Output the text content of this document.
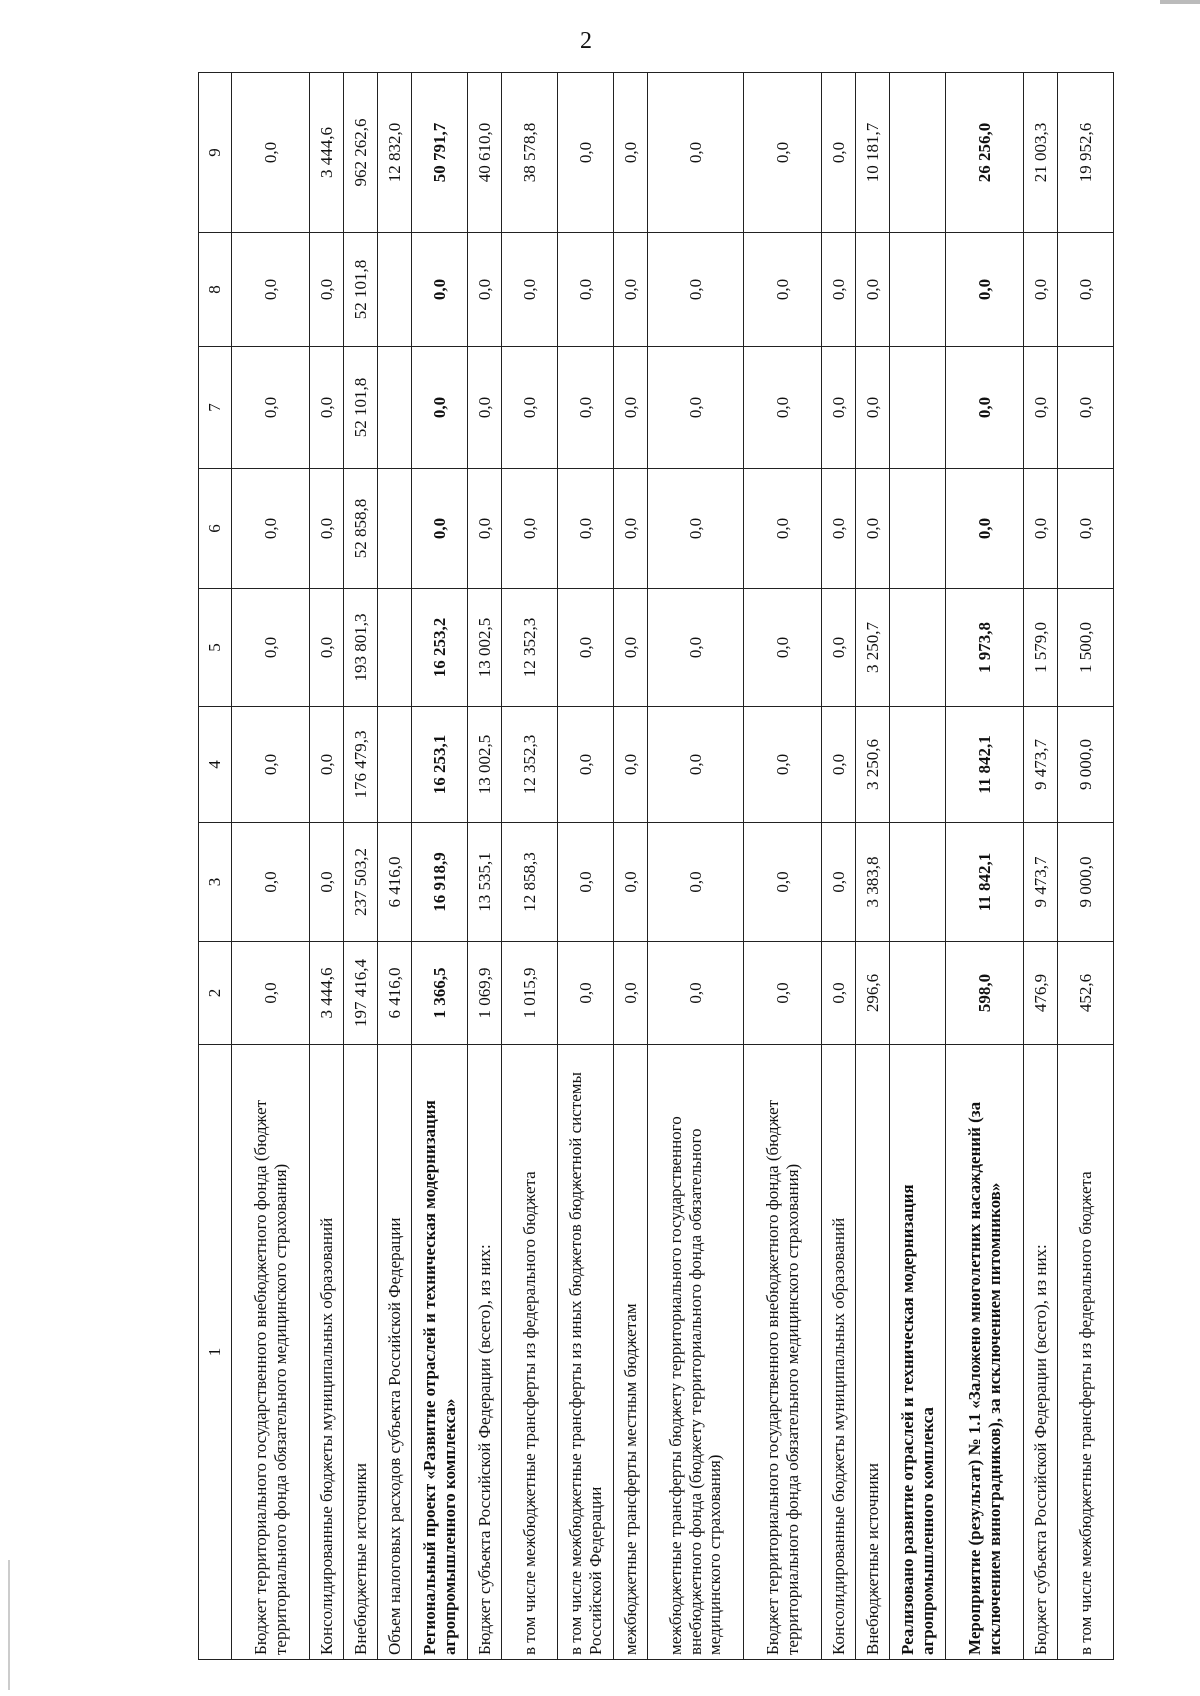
2
1	2	3	4	5	6	7	8	9
Бюджет территориального государственного внебюджетного фонда (бюджет территориального фонда обязательного медицинского страхования)	0,0	0,0	0,0	0,0	0,0	0,0	0,0	0,0
Консолидированные бюджеты муниципальных образований	3 444,6	0,0	0,0	0,0	0,0	0,0	0,0	3 444,6
Внебюджетные источники	197 416,4	237 503,2	176 479,3	193 801,3	52 858,8	52 101,8	52 101,8	962 262,6
Объем налоговых расходов субъекта Российской Федерации	6 416,0	6 416,0						12 832,0
Региональный проект «Развитие отраслей и техническая модернизация агропромышленного комплекса»	1 366,5	16 918,9	16 253,1	16 253,2	0,0	0,0	0,0	50 791,7
Бюджет субъекта Российской Федерации (всего), из них:	1 069,9	13 535,1	13 002,5	13 002,5	0,0	0,0	0,0	40 610,0
в том числе межбюджетные трансферты из федерального бюджета	1 015,9	12 858,3	12 352,3	12 352,3	0,0	0,0	0,0	38 578,8
в том числе межбюджетные трансферты из иных бюджетов бюджетной системы Российской Федерации	0,0	0,0	0,0	0,0	0,0	0,0	0,0	0,0
межбюджетные трансферты местным бюджетам	0,0	0,0	0,0	0,0	0,0	0,0	0,0	0,0
межбюджетные трансферты бюджету территориального государственного внебюджетного фонда (бюджету территориального фонда обязательного медицинского страхования)	0,0	0,0	0,0	0,0	0,0	0,0	0,0	0,0
Бюджет территориального государственного внебюджетного фонда (бюджет территориального фонда обязательного медицинского страхования)	0,0	0,0	0,0	0,0	0,0	0,0	0,0	0,0
Консолидированные бюджеты муниципальных образований	0,0	0,0	0,0	0,0	0,0	0,0	0,0	0,0
Внебюджетные источники	296,6	3 383,8	3 250,6	3 250,7	0,0	0,0	0,0	10 181,7
Реализовано развитие отраслей и техническая модернизация агропромышленного комплекса								
Мероприятие (результат) № 1.1 «Заложено многолетних насаждений (за исключением виноградников), за исключением питомников»	598,0	11 842,1	11 842,1	1 973,8	0,0	0,0	0,0	26 256,0
Бюджет субъекта Российской Федерации (всего), из них:	476,9	9 473,7	9 473,7	1 579,0	0,0	0,0	0,0	21 003,3
в том числе межбюджетные трансферты из федерального бюджета	452,6	9 000,0	9 000,0	1 500,0	0,0	0,0	0,0	19 952,6
